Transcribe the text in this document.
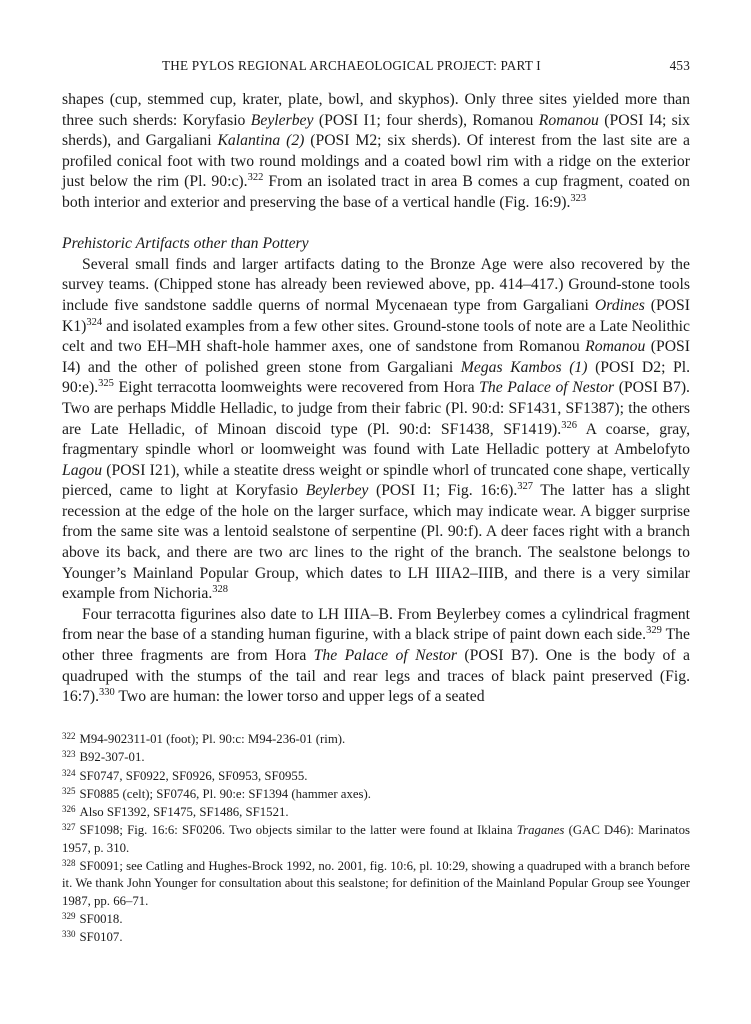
THE PYLOS REGIONAL ARCHAEOLOGICAL PROJECT: PART I	453

shapes (cup, stemmed cup, krater, plate, bowl, and skyphos). Only three sites yielded more than three such sherds: Koryfasio Beylerbey (POSI I1; four sherds), Romanou Romanou (POSI I4; six sherds), and Gargaliani Kalantina (2) (POSI M2; six sherds). Of interest from the last site are a profiled conical foot with two round moldings and a coated bowl rim with a ridge on the exterior just below the rim (Pl. 90:c).$^{322}$ From an isolated tract in area B comes a cup fragment, coated on both interior and exterior and preserving the base of a vertical handle (Fig. 16:9).$^{323}$

Prehistoric Artifacts other than Pottery

Several small finds and larger artifacts dating to the Bronze Age were also recovered by the survey teams. (Chipped stone has already been reviewed above, pp. 414–417.) Ground-stone tools include five sandstone saddle querns of normal Mycenaean type from Gargaliani Ordines (POSI K1)$^{324}$ and isolated examples from a few other sites. Ground-stone tools of note are a Late Neolithic celt and two EH–MH shaft-hole hammer axes, one of sandstone from Romanou Romanou (POSI I4) and the other of polished green stone from Gargaliani Megas Kambos (1) (POSI D2; Pl. 90:e).$^{325}$ Eight terracotta loomweights were recovered from Hora The Palace of Nestor (POSI B7). Two are perhaps Middle Helladic, to judge from their fabric (Pl. 90:d: SF1431, SF1387); the others are Late Helladic, of Minoan discoid type (Pl. 90:d: SF1438, SF1419).$^{326}$ A coarse, gray, fragmentary spindle whorl or loomweight was found with Late Helladic pottery at Ambelofyto Lagou (POSI I21), while a steatite dress weight or spindle whorl of truncated cone shape, vertically pierced, came to light at Koryfasio Beylerbey (POSI I1; Fig. 16:6).$^{327}$ The latter has a slight recession at the edge of the hole on the larger surface, which may indicate wear. A bigger surprise from the same site was a lentoid sealstone of serpentine (Pl. 90:f). A deer faces right with a branch above its back, and there are two arc lines to the right of the branch. The sealstone belongs to Younger’s Mainland Popular Group, which dates to LH IIIA2–IIIB, and there is a very similar example from Nichoria.$^{328}$

Four terracotta figurines also date to LH IIIA–B. From Beylerbey comes a cylindrical fragment from near the base of a standing human figurine, with a black stripe of paint down each side.$^{329}$ The other three fragments are from Hora The Palace of Nestor (POSI B7). One is the body of a quadruped with the stumps of the tail and rear legs and traces of black paint preserved (Fig. 16:7).$^{330}$ Two are human: the lower torso and upper legs of a seated

$^{322}$ M94-902311-01 (foot); Pl. 90:c: M94-236-01 (rim).

$^{323}$ B92-307-01.

$^{324}$ SF0747, SF0922, SF0926, SF0953, SF0955.

$^{325}$ SF0885 (celt); SF0746, Pl. 90:e: SF1394 (hammer axes).

$^{326}$ Also SF1392, SF1475, SF1486, SF1521.

$^{327}$ SF1098; Fig. 16:6: SF0206. Two objects similar to the latter were found at Iklaina Traganes (GAC D46): Marinatos 1957, p. 310.

$^{328}$ SF0091; see Catling and Hughes-Brock 1992, no. 2001, fig. 10:6, pl. 10:29, showing a quadruped with a branch before it. We thank John Younger for consultation about this sealstone; for definition of the Mainland Popular Group see Younger 1987, pp. 66–71.

$^{329}$ SF0018.

$^{330}$ SF0107.
